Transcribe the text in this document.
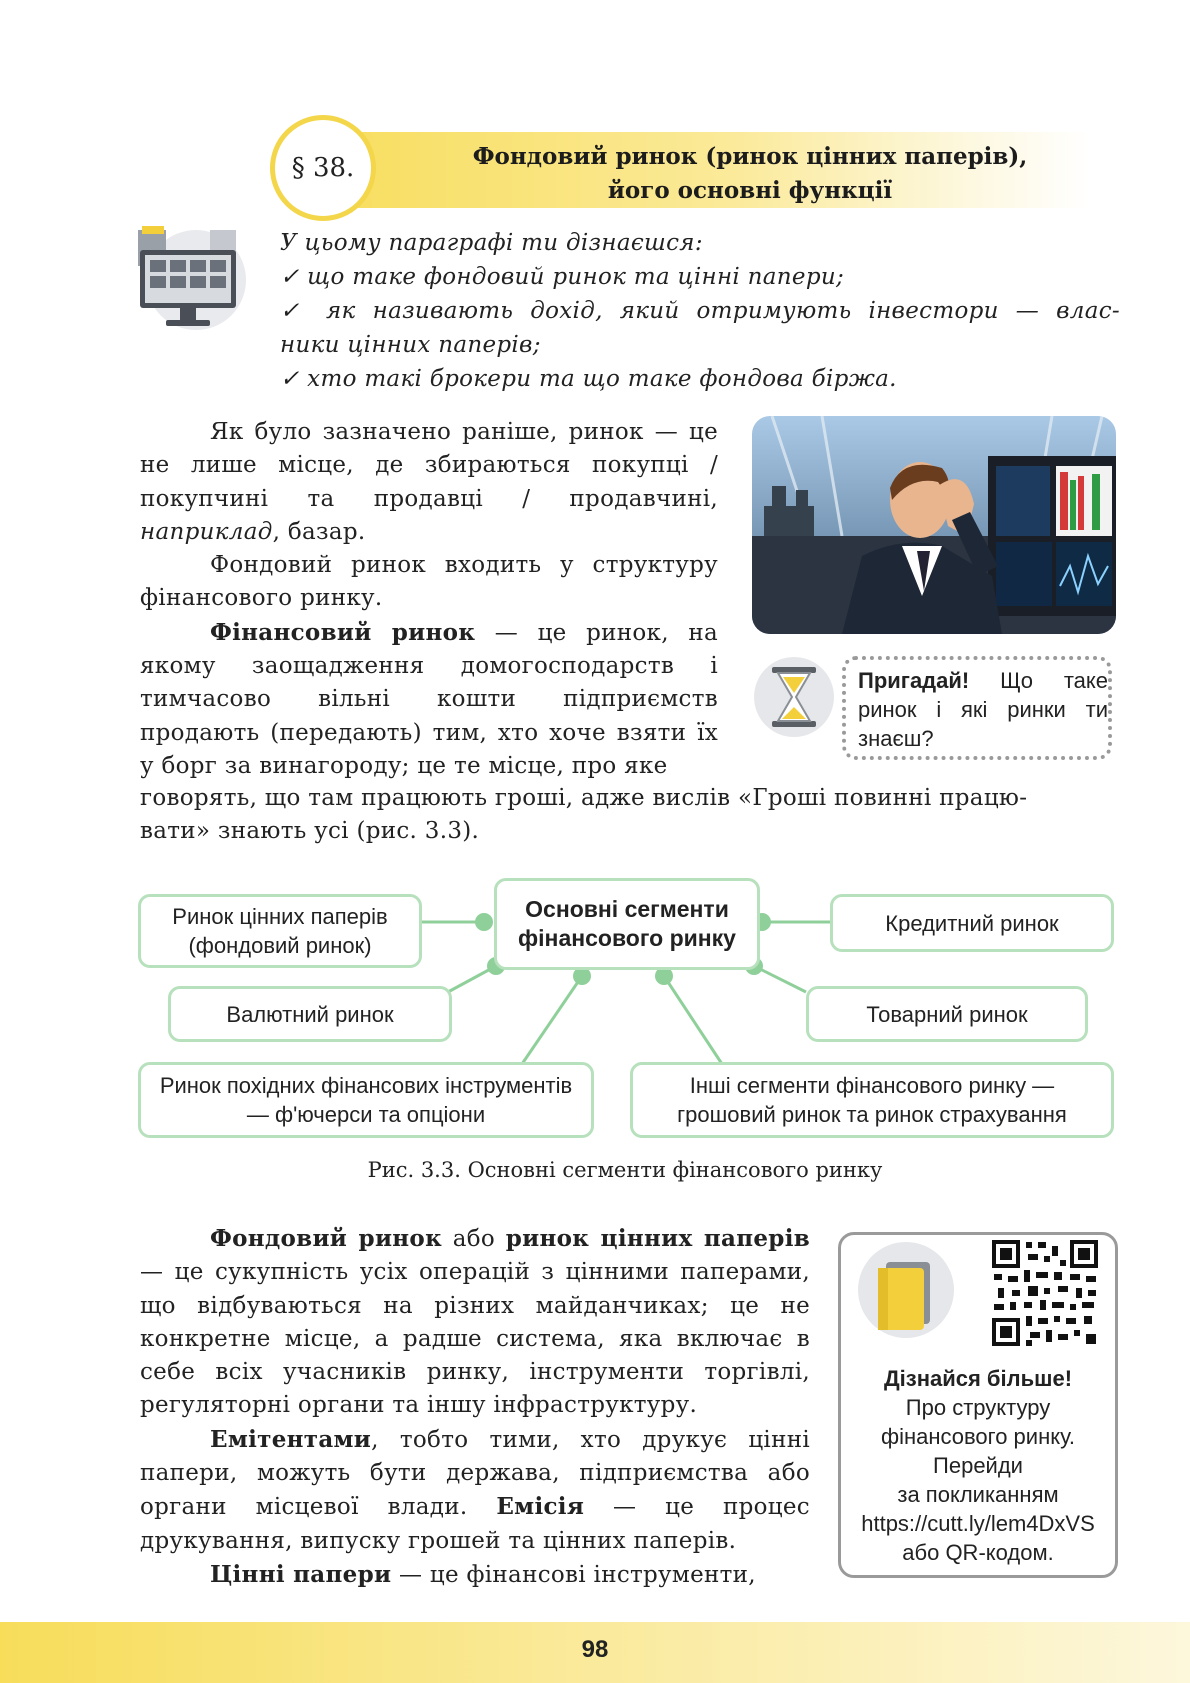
§ 38.	Фондовий ринок (ринок цінних паперів),
його основні функції

У цьому параграфі ти дізнаєшся:

✓ що таке фондовий ринок та цінні папери;

✓ як називають дохід, який отримують інвестори — влас-

ники цінних паперів;

✓ хто такі брокери та що таке фондова біржа.

Як було зазначено раніше, ринок — це не лише місце, де збираються покупці / покупчині та продавці / продавчині, наприклад, базар.

Фондовий ринок входить у структуру фінансового ринку.

Фінансовий ринок — це ринок, на якому заощадження домогосподарств і тимчасово вільні кошти підприємств продають (передають) тим, хто хоче взяти їх у борг за винагороду; це те місце, про яке

говорять, що там працюють гроші, адже вислів «Гроші повинні працю-

вати» знають усі (рис. 3.3).

Пригадай! Що таке ринок і які ринки ти знаєш?
Основні сегменти фінансового ринку
Ринок цінних паперів (фондовий ринок)
Кредитний ринок
Валютний ринок	Товарний ринок
Ринок похідних фінансових інструментів — ф'ючерси та опціони
Інші сегменти фінансового ринку — грошовий ринок та ринок страхування
Рис. 3.3. Основні сегменти фінансового ринку

Фондовий ринок або ринок цінних паперів — це сукупність усіх операцій з цінними паперами, що відбуваються на різних майданчиках; це не конкретне місце, а радше система, яка включає в себе всіх учасників ринку, інструменти торгівлі, регуляторні органи та іншу інфраструктуру.

Емітентами, тобто тими, хто друкує цінні папери, можуть бути держава, підприємства або органи місцевої влади. Емісія — це процес друкування, випуску грошей та цінних паперів.

Цінні папери — це фінансові інструменти,

Дізнайся більше!
Про структуру
фінансового ринку.
Перейди
за покликанням
https://cutt.ly/lem4DxVS
або QR-кодом.
98
